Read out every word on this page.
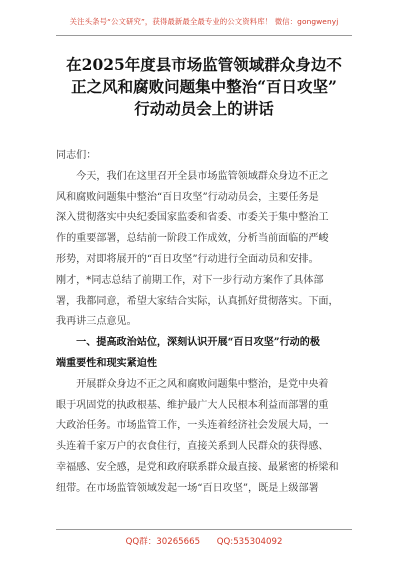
关注头条号“公文研究”，获得最新最全最专业的公文资料库！ 微信：gongwenyj
在2025年度县市场监管领域群众身边不
正之风和腐败问题集中整治“百日攻坚”
行动动员会上的讲话
同志们：
　　今天，我们在这里召开全县市场监管领域群众身边不正之
风和腐败问题集中整治“百日攻坚”行动动员会，主要任务是
深入贯彻落实中央纪委国家监委和省委、市委关于集中整治工
作的重要部署，总结前一阶段工作成效，分析当前面临的严峻
形势，对即将展开的“百日攻坚”行动进行全面动员和安排。
刚才，*同志总结了前期工作，对下一步行动方案作了具体部
署，我都同意，希望大家结合实际，认真抓好贯彻落实。下面，
我再讲三点意见。
　　一、提高政治站位，深刻认识开展“百日攻坚”行动的极
端重要性和现实紧迫性
　　开展群众身边不正之风和腐败问题集中整治，是党中央着
眼于巩固党的执政根基、维护最广大人民根本利益而部署的重
大政治任务。市场监管工作，一头连着经济社会发展大局，一
头连着千家万户的衣食住行，直接关系到人民群众的获得感、
幸福感、安全感，是党和政府联系群众最直接、最紧密的桥梁和
纽带。在市场监管领域发起一场“百日攻坚”，既是上级部署
QQ群：30265665 QQ:535304092
